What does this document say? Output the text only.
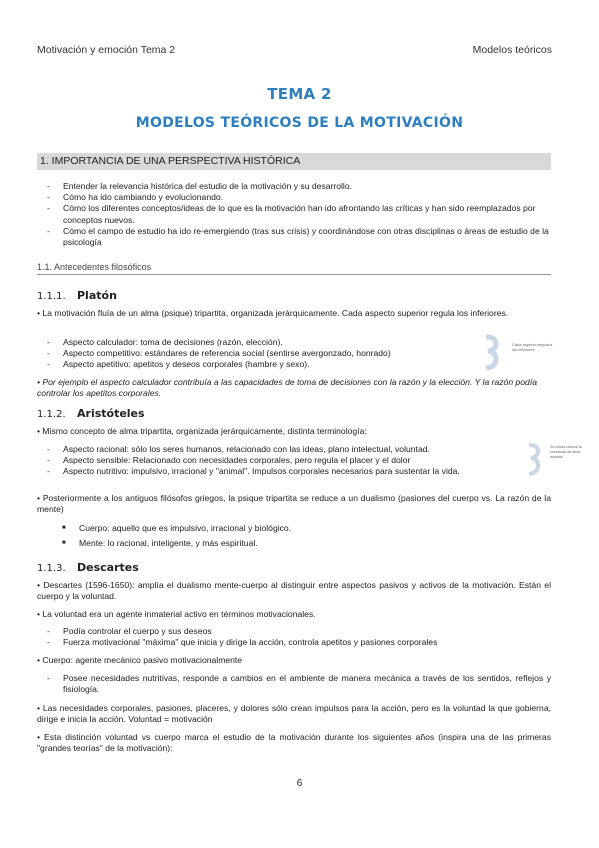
Motivación y emoción Tema 2	Modelos teóricos
TEMA 2
MODELOS TEÓRICOS DE LA MOTIVACIÓN
1. IMPORTANCIA DE UNA PERSPECTIVA HISTÓRICA
- Entender la relevancia histórica del estudio de la motivación y su desarrollo.
- Cómo ha ido cambiando y evolucionando.
- Cómo los diferentes conceptos/ideas de lo que es la motivación han ido afrontando las críticas y han sido reemplazados por conceptos nuevos.
- Cómo el campo de estudio ha ido re-emergiendo (tras sus crisis) y coordinándose con otras disciplinas o áreas de estudio de la psicología
1.1. Antecedentes filosóficos
1.1.1. Platón
• La motivación fluía de un alma (psique) tripartita, organizada jerárquicamente. Cada aspecto superior regula los inferiores.
- Aspecto calculador: toma de decisiones (razón, elección).
- Aspecto competitivo: estándares de referencia social (sentirse avergonzado, honrado)
- Aspecto apetitivo: apetitos y deseos corporales (hambre y sexo).
Cada aspecto regula a los inferiores
• Por ejemplo el aspecto calculador contribuía a las capacidades de toma de decisiones con la razón y la elección. Y la razón podía controlar los apetitos corporales.
1.1.2. Aristóteles
• Mismo concepto de alma tripartita, organizada jerárquicamente, distinta terminología:
- Aspecto racional: sólo los seres humanos, relacionado con las ideas, plano intelectual, voluntad.
- Aspecto sensible: Relacionado con necesidades corporales, pero regula el placer y el dolor
- Aspecto nutritivo: impulsivo, irracional y "animal". Impulsos corporales necesarios para sustentar la vida.
Se coloca razonal la necesidad del alma tripartita
• Posteriormente a los antiguos filósofos griegos, la psique tripartita se reduce a un dualismo (pasiones del cuerpo vs. La razón de la mente)
■ Cuerpo: aquello que es impulsivo, irracional y biológico.
■ Mente: lo racional, inteligente, y más espiritual.
1.1.3. Descartes
• Descartes (1596-1650): amplía el dualismo mente-cuerpo al distinguir entre aspectos pasivos y activos de la motivación. Están el cuerpo y la voluntad.
• La voluntad era un agente inmaterial activo en términos motivacionales.
- Podía controlar el cuerpo y sus deseos
- Fuerza motivacional "máxima" que inicia y dirige la acción, controla apetitos y pasiones corporales
• Cuerpo: agente mecánico pasivo motivacionalmente
- Posee necesidades nutritivas, responde a cambios en el ambiente de manera mecánica a través de los sentidos, reflejos y fisiología.
• Las necesidades corporales, pasiones, placeres, y dolores sólo crean impulsos para la acción, pero es la voluntad la que gobierna, dirige e inicia la acción. Voluntad = motivación
• Esta distinción voluntad vs cuerpo marca el estudio de la motivación durante los siguientes años (inspira una de las primeras "grandes teorías" de la motivación):
6
